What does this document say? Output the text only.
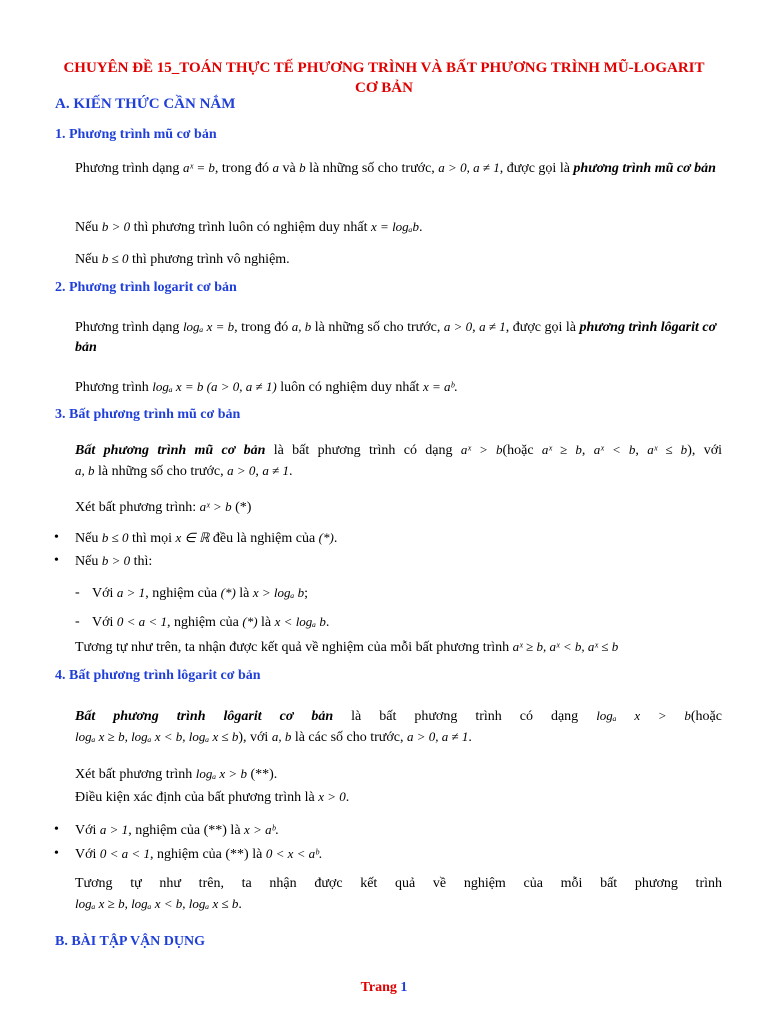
CHUYÊN ĐỀ 15_TOÁN THỰC TẾ PHƯƠNG TRÌNH VÀ BẤT PHƯƠNG TRÌNH MŨ-LOGARIT CƠ BẢN
A. KIẾN THỨC CẦN NẮM
1. Phương trình mũ cơ bản
Phương trình dạng aˣ = b, trong đó a và b là những số cho trước, a > 0, a ≠ 1, được gọi là phương trình mũ cơ bản
Nếu b > 0 thì phương trình luôn có nghiệm duy nhất x = logₐb.
Nếu b ≤ 0 thì phương trình vô nghiệm.
2. Phương trình logarit cơ bản
Phương trình dạng logₐ x = b, trong đó a, b là những số cho trước, a > 0, a ≠ 1, được gọi là phương trình lôgarit cơ bản
Phương trình logₐ x = b (a > 0, a ≠ 1) luôn có nghiệm duy nhất x = aᵇ.
3. Bất phương trình mũ cơ bản
Bất phương trình mũ cơ bản là bất phương trình có dạng aˣ > b(hoặc aˣ ≥ b, aˣ < b, aˣ ≤ b), với
a, b là những số cho trước, a > 0, a ≠ 1.
Xét bất phương trình: aˣ > b (*)
• Nếu b ≤ 0 thì mọi x ∈ ℝ đều là nghiệm của (*).
• Nếu b > 0 thì:
- Với a > 1, nghiệm của (*) là x > logₐ b;
- Với 0 < a < 1, nghiệm của (*) là x < logₐ b.
Tương tự như trên, ta nhận được kết quả về nghiệm của mỗi bất phương trình aˣ ≥ b, aˣ < b, aˣ ≤ b
4. Bất phương trình lôgarit cơ bản
Bất phương trình lôgarit cơ bản là bất phương trình có dạng logₐ x > b(hoặc
logₐ x ≥ b, logₐ x < b, logₐ x ≤ b), với a, b là các số cho trước, a > 0, a ≠ 1.
Xét bất phương trình logₐ x > b (**).
Điều kiện xác định của bất phương trình là x > 0.
• Với a > 1, nghiệm của (**) là x > aᵇ.
• Với 0 < a < 1, nghiệm của (**) là 0 < x < aᵇ.
Tương tự như trên, ta nhận được kết quả về nghiệm của mỗi bất phương trình
logₐ x ≥ b, logₐ x < b, logₐ x ≤ b.
B. BÀI TẬP VẬN DỤNG
Trang 1
